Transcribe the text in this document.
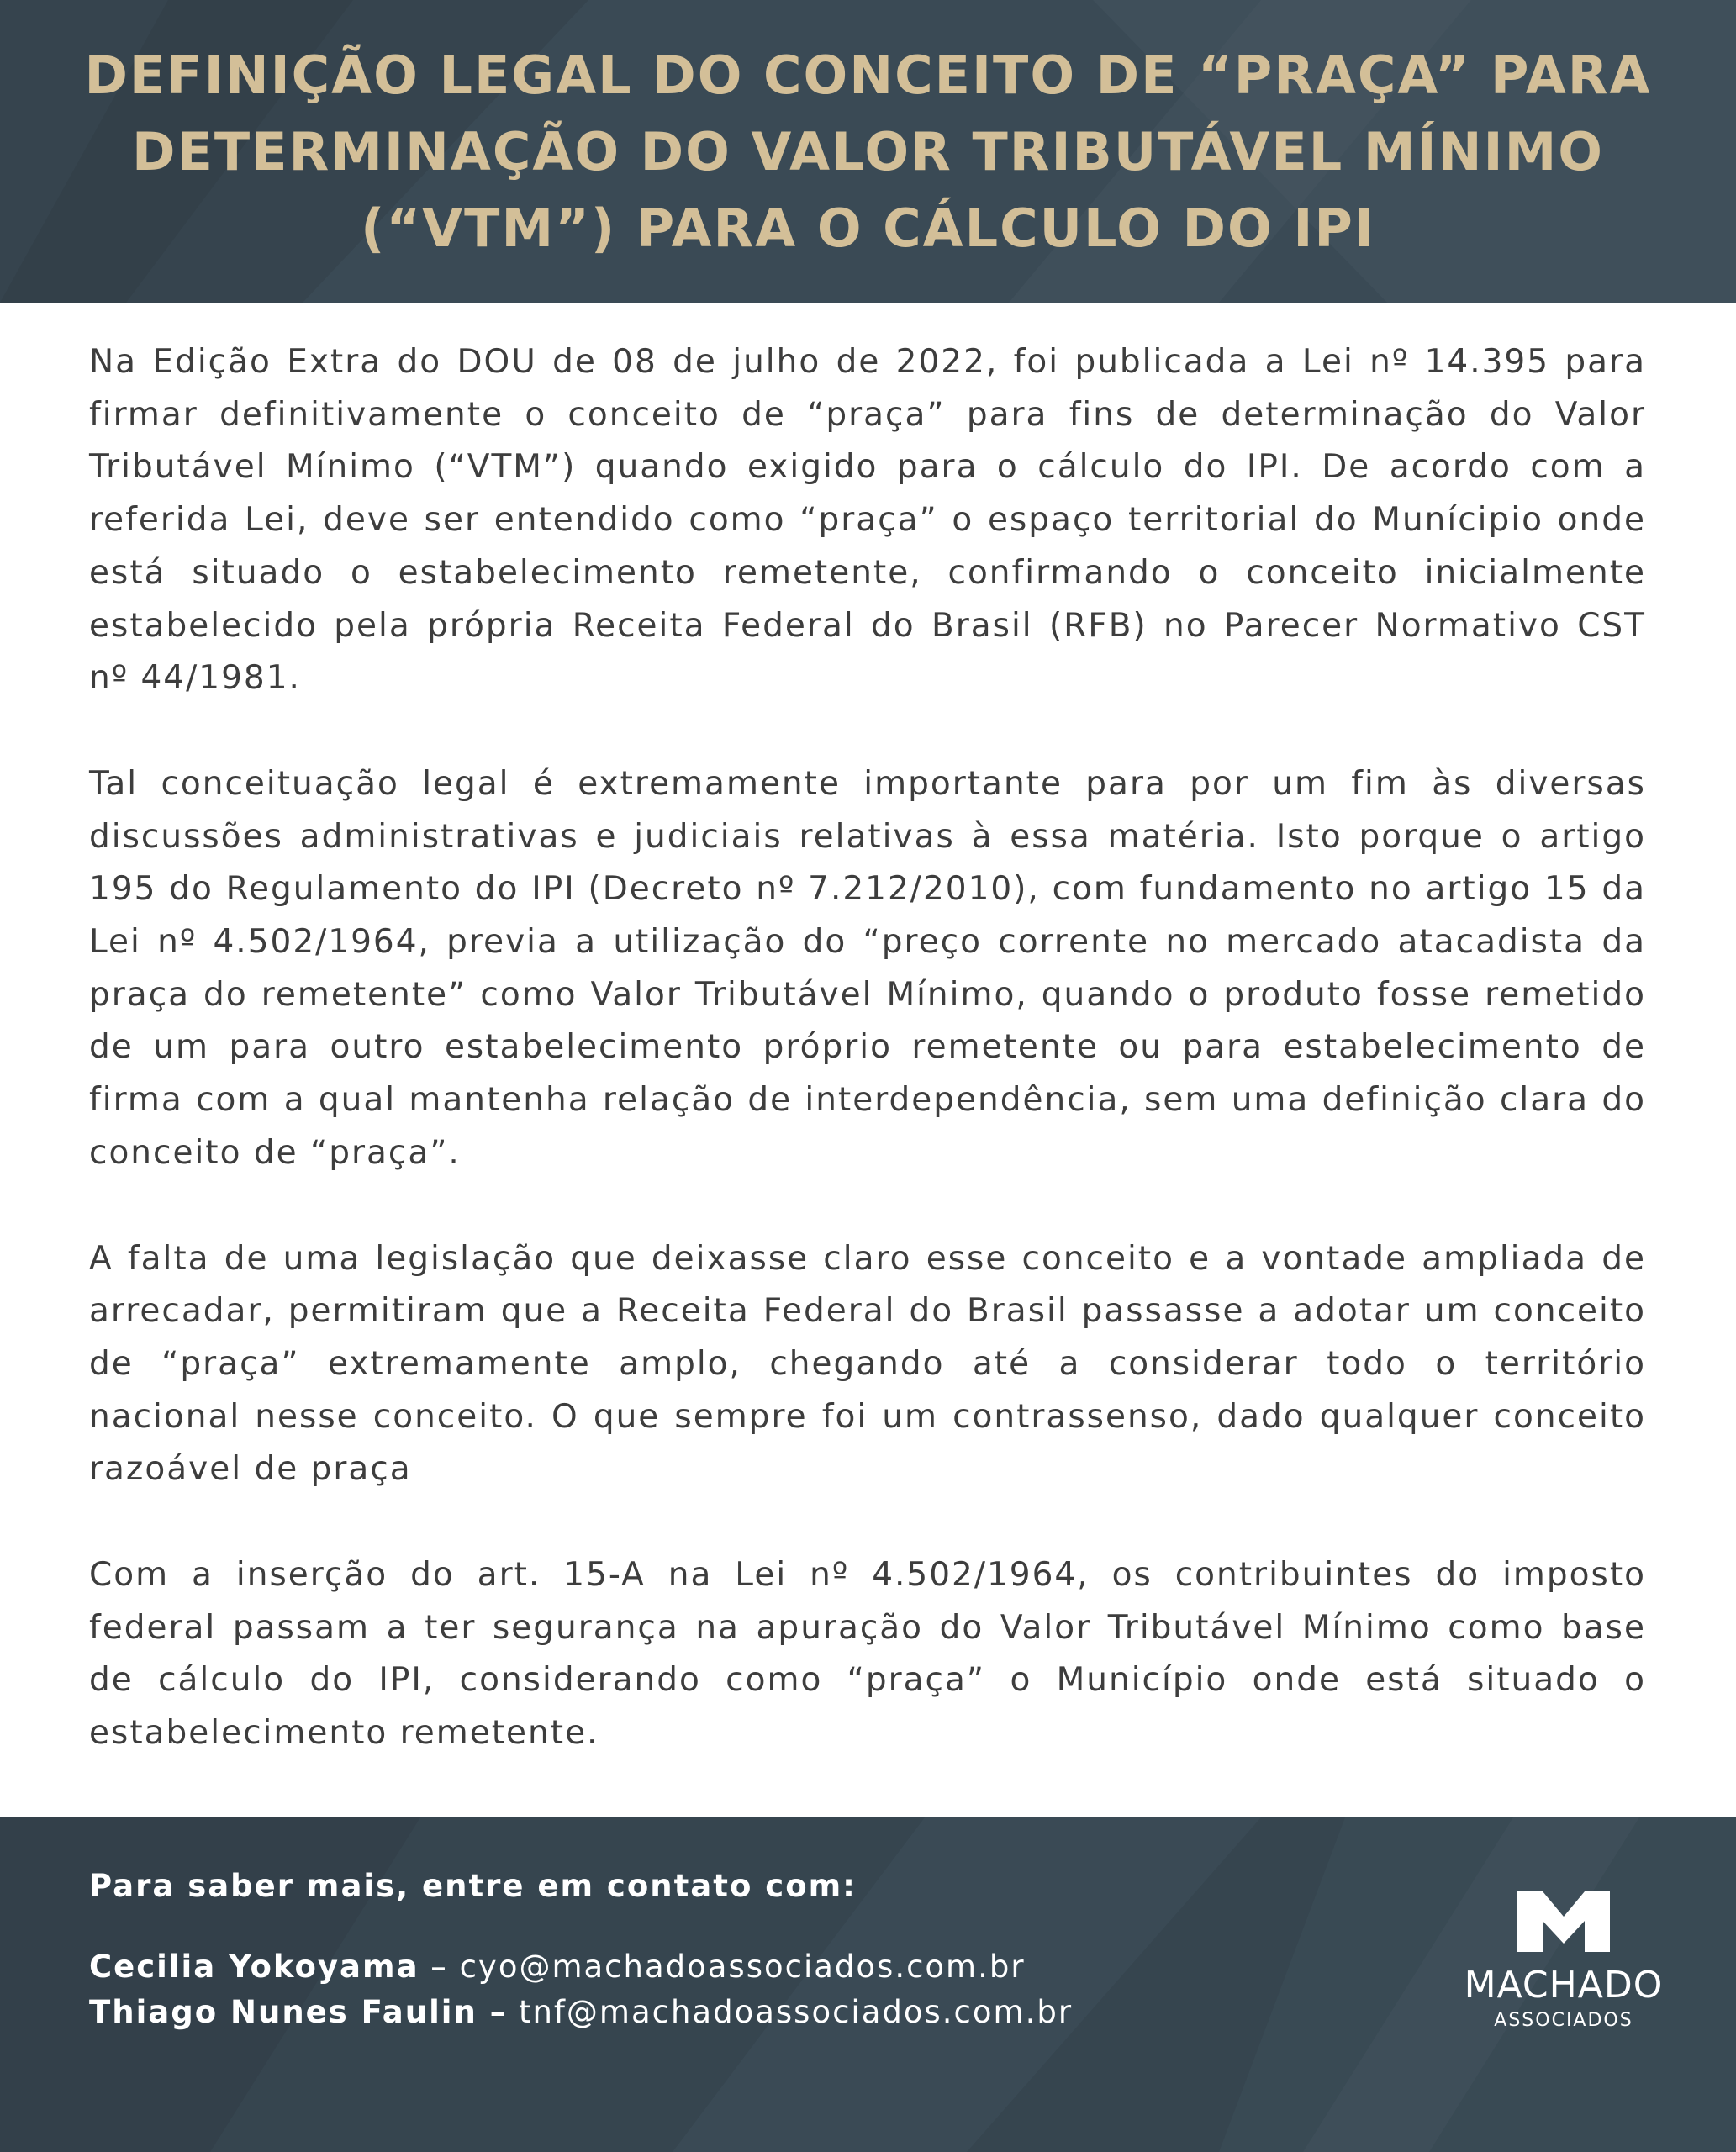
DEFINIÇÃO LEGAL DO CONCEITO DE “PRAÇA” PARA
DETERMINAÇÃO DO VALOR TRIBUTÁVEL MÍNIMO
(“VTM”) PARA O CÁLCULO DO IPI

Na Edição Extra do DOU de 08 de julho de 2022, foi publicada a Lei nº 14.395 para firmar definitivamente o conceito de “praça” para fins de determinação do Valor Tributável Mínimo (“VTM”) quando exigido para o cálculo do IPI. De acordo com a referida Lei, deve ser entendido como “praça” o espaço territorial do Munícipio onde está situado o estabelecimento remetente, confirmando o conceito inicialmente estabelecido pela própria Receita Federal do Brasil (RFB) no Parecer Normativo CST nº 44/1981.

Tal conceituação legal é extremamente importante para por um fim às diversas discussões administrativas e judiciais relativas à essa matéria. Isto porque o artigo 195 do Regulamento do IPI (Decreto nº 7.212/2010), com fundamento no artigo 15 da Lei nº 4.502/1964, previa a utilização do “preço corrente no mercado atacadista da praça do remetente” como Valor Tributável Mínimo, quando o produto fosse remetido de um para outro estabelecimento próprio remetente ou para estabelecimento de firma com a qual mantenha relação de interdependência, sem uma definição clara do conceito de “praça”.

A falta de uma legislação que deixasse claro esse conceito e a vontade ampliada de arrecadar, permitiram que a Receita Federal do Brasil passasse a adotar um conceito de “praça” extremamente amplo, chegando até a considerar todo o território nacional nesse conceito. O que sempre foi um contrassenso, dado qualquer conceito razoável de praça

Com a inserção do art. 15-A na Lei nº 4.502/1964, os contribuintes do imposto federal passam a ter segurança na apuração do Valor Tributável Mínimo como base de cálculo do IPI, considerando como “praça” o Município onde está situado o estabelecimento remetente.

Para saber mais, entre em contato com:
Cecilia Yokoyama – cyo@machadoassociados.com.br
Thiago Nunes Faulin – tnf@machadoassociados.com.br
MACHADO
ASSOCIADOS
